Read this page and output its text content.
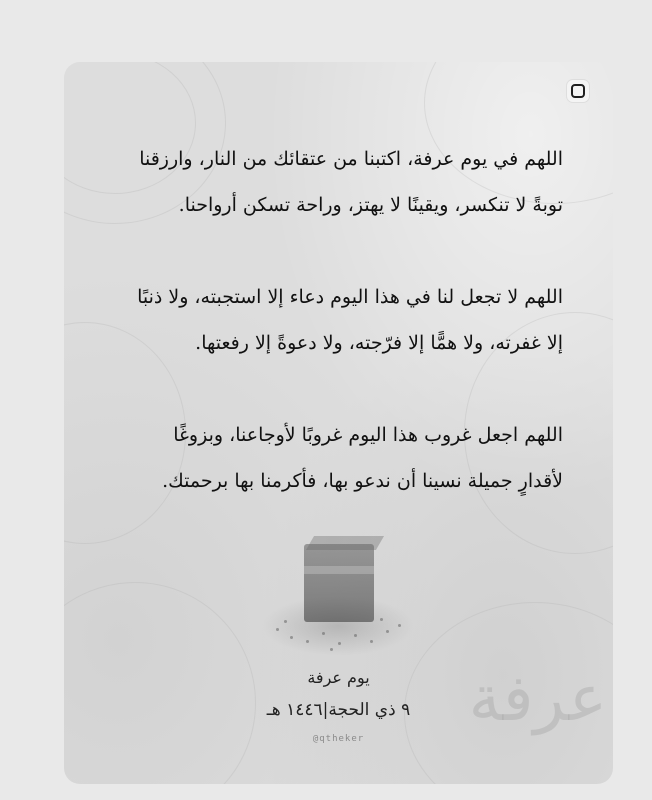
اللهم في يوم عرفة، اكتبنا من عتقائك من النار، وارزقنا
توبةً لا تنكسر، ويقينًا لا يهتز، وراحة تسكن أرواحنا.
اللهم لا تجعل لنا في هذا اليوم دعاء إلا استجبته، ولا ذنبًا
إلا غفرته، ولا همًّا إلا فرّجته، ولا دعوةً إلا رفعتها.
اللهم اجعل غروب هذا اليوم غروبًا لأوجاعنا، وبزوغًا
لأقدارٍ جميلة نسينا أن ندعو بها، فأكرمنا بها برحمتك.
عرفة
يوم عرفة
٩ ذي الحجة|١٤٤٦ هـ
@qtheker
